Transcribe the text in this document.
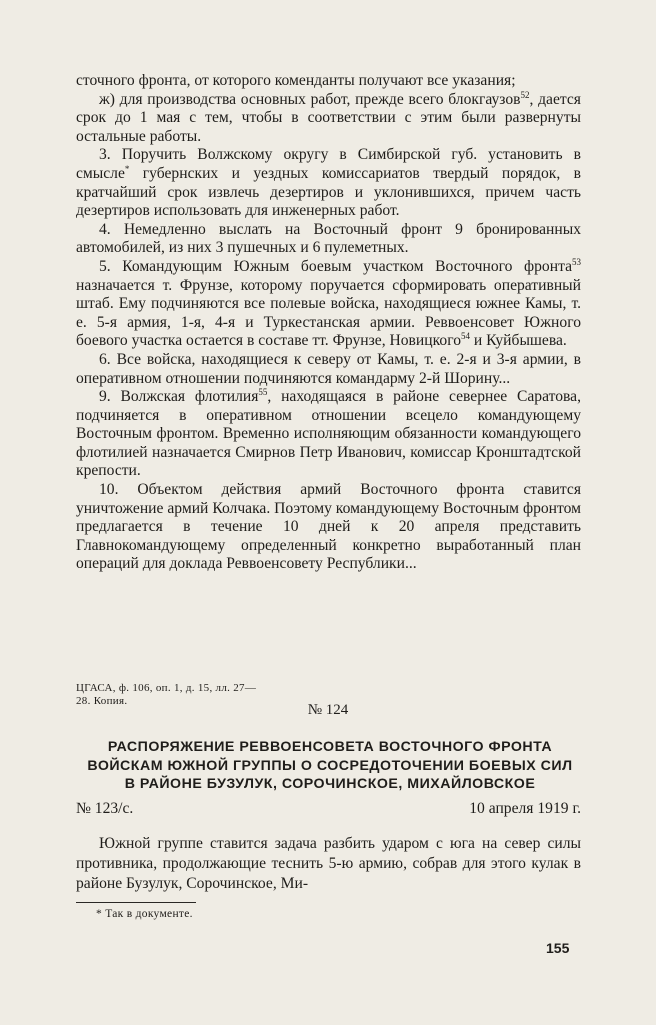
сточного фронта, от которого коменданты получают все указания;

ж) для производства основных работ, прежде всего блокгаузов$^{52}$, дается срок до 1 мая с тем, чтобы в соответствии с этим были развернуты остальные работы.

3. Поручить Волжскому округу в Симбирской губ. установить в смысле* губернских и уездных комиссариатов твердый порядок, в кратчайший срок извлечь дезертиров и уклонившихся, причем часть дезертиров использовать для инженерных работ.

4. Немедленно выслать на Восточный фронт 9 бронированных автомобилей, из них 3 пушечных и 6 пулеметных.

5. Командующим Южным боевым участком Восточного фронта$^{53}$ назначается т. Фрунзе, которому поручается сформировать оперативный штаб. Ему подчиняются все полевые войска, находящиеся южнее Камы, т. е. 5-я армия, 1-я, 4-я и Туркестанская армии. Реввоенсовет Южного боевого участка остается в составе тт. Фрунзе, Новицкого$^{54}$ и Куйбышева.

6. Все войска, находящиеся к северу от Камы, т. е. 2-я и 3-я армии, в оперативном отношении подчиняются командарму 2-й Шорину...

9. Волжская флотилия$^{55}$, находящаяся в районе севернее Саратова, подчиняется в оперативном отношении всецело командующему Восточным фронтом. Временно исполняющим обязанности командующего флотилией назначается Смирнов Петр Иванович, комиссар Кронштадтской крепости.

10. Объектом действия армий Восточного фронта ставится уничтожение армий Колчака. Поэтому командующему Восточным фронтом предлагается в течение 10 дней к 20 апреля представить Главнокомандующему определенный конкретно выработанный план операций для доклада Реввоенсовету Республики...

ЦГАСА, ф. 106, оп. 1, д. 15, лл. 27—
28. Копия.
№ 124
РАСПОРЯЖЕНИЕ РЕВВОЕНСОВЕТА ВОСТОЧНОГО ФРОНТА
ВОЙСКАМ ЮЖНОЙ ГРУППЫ О СОСРЕДОТОЧЕНИИ БОЕВЫХ СИЛ
В РАЙОНЕ БУЗУЛУК, СОРОЧИНСКОЕ, МИХАЙЛОВСКОЕ
№ 123/с.	10 апреля 1919 г.

Южной группе ставится задача разбить ударом с юга на север силы противника, продолжающие теснить 5-ю армию, собрав для этого кулак в районе Бузулук, Сорочинское, Ми-

* Так в документе.
155
